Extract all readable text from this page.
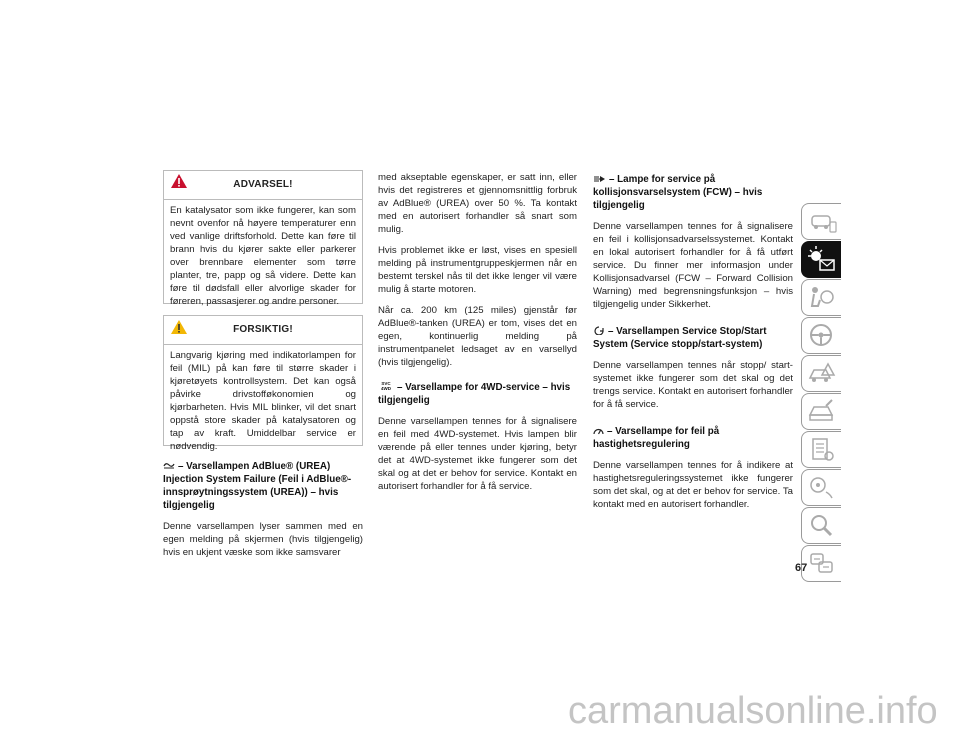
ADVARSEL!

En katalysator som ikke fungerer, kan som nevnt ovenfor nå høyere temperaturer enn ved vanlige driftsforhold. Dette kan føre til brann hvis du kjører sakte eller parkerer over brennbare elementer som tørre planter, tre, papp og så videre. Dette kan føre til dødsfall eller alvorlige skader for føreren, passasjerer og andre personer.

FORSIKTIG!

Langvarig kjøring med indikatorlampen for feil (MIL) på kan føre til større skader i kjøretøyets kontrollsystem. Det kan også påvirke drivstofføkonomien og kjørbarheten. Hvis MIL blinker, vil det snart oppstå store skader på katalysatoren og tap av kraft. Umiddelbar service er nødvendig.

– Varsellampen AdBlue® (UREA) Injection System Failure (Feil i AdBlue®-innsprøytningssystem (UREA)) – hvis tilgjengelig

Denne varsellampen lyser sammen med en egen melding på skjermen (hvis tilgjengelig) hvis en ukjent væske som ikke samsvarer

med akseptable egenskaper, er satt inn, eller hvis det registreres et gjennomsnittlig forbruk av AdBlue® (UREA) over 50 %. Ta kontakt med en autorisert forhandler så snart som mulig.

Hvis problemet ikke er løst, vises en spesiell melding på instrumentgruppeskjermen når en bestemt terskel nås til det ikke lenger vil være mulig å starte motoren.

Når ca. 200 km (125 miles) gjenstår før AdBlue®-tanken (UREA) er tom, vises det en egen, kontinuerlig melding på instrumentpanelet ledsaget av en varsellyd (hvis tilgjengelig).

SVC 4WD – Varsellampe for 4WD-service – hvis tilgjengelig

Denne varsellampen tennes for å signalisere en feil med 4WD-systemet. Hvis lampen blir værende på eller tennes under kjøring, betyr det at 4WD-systemet ikke fungerer som det skal og at det er behov for service. Kontakt en autorisert forhandler for å få service.

– Lampe for service på kollisjonsvarselsystem (FCW) – hvis tilgjengelig

Denne varsellampen tennes for å signalisere en feil i kollisjonsadvarselssystemet. Kontakt en lokal autorisert forhandler for å få utført service. Du finner mer informasjon under Kollisjonsadvarsel (FCW – Forward Collision Warning) med begrensningsfunksjon – hvis tilgjengelig under Sikkerhet.

– Varsellampen Service Stop/Start System (Service stopp/start-system)

Denne varsellampen tennes når stopp/ start-systemet ikke fungerer som det skal og det trengs service. Kontakt en autorisert forhandler for å få service.

– Varsellampe for feil på hastighetsregulering

Denne varsellampen tennes for å indikere at hastighetsreguleringssystemet ikke fungerer som det skal, og at det er behov for service. Ta kontakt med en autorisert forhandler.

67
carmanualsonline.info
